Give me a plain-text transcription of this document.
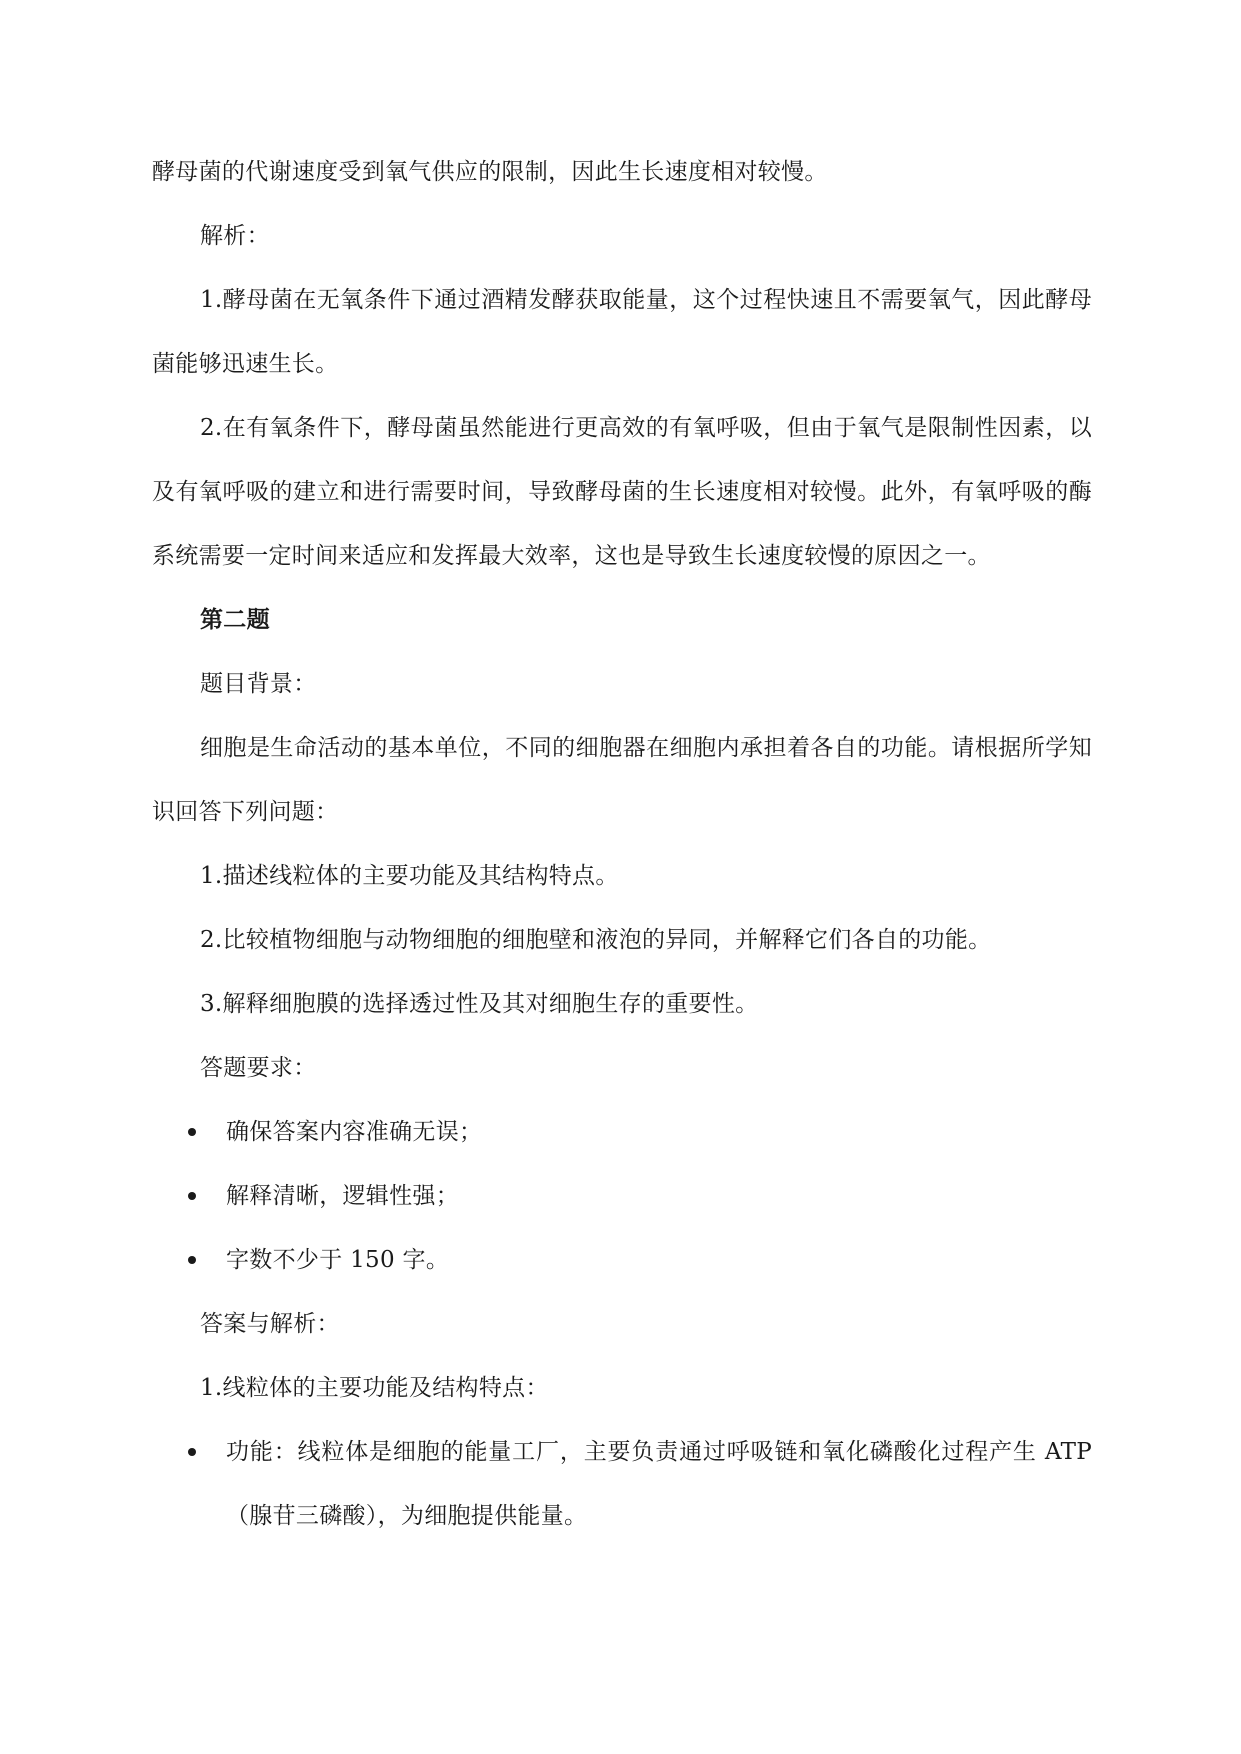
酵母菌的代谢速度受到氧气供应的限制，因此生长速度相对较慢。

解析：

1.酵母菌在无氧条件下通过酒精发酵获取能量，这个过程快速且不需要氧气，因此酵母菌能够迅速生长。

2.在有氧条件下，酵母菌虽然能进行更高效的有氧呼吸，但由于氧气是限制性因素，以及有氧呼吸的建立和进行需要时间，导致酵母菌的生长速度相对较慢。此外，有氧呼吸的酶系统需要一定时间来适应和发挥最大效率，这也是导致生长速度较慢的原因之一。

第二题

题目背景：

细胞是生命活动的基本单位，不同的细胞器在细胞内承担着各自的功能。请根据所学知识回答下列问题：

1.描述线粒体的主要功能及其结构特点。

2.比较植物细胞与动物细胞的细胞壁和液泡的异同，并解释它们各自的功能。

3.解释细胞膜的选择透过性及其对细胞生存的重要性。

答题要求：

确保答案内容准确无误；

解释清晰，逻辑性强；

字数不少于 150 字。

答案与解析：

1.线粒体的主要功能及结构特点：

功能：线粒体是细胞的能量工厂，主要负责通过呼吸链和氧化磷酸化过程产生 ATP（腺苷三磷酸），为细胞提供能量。
